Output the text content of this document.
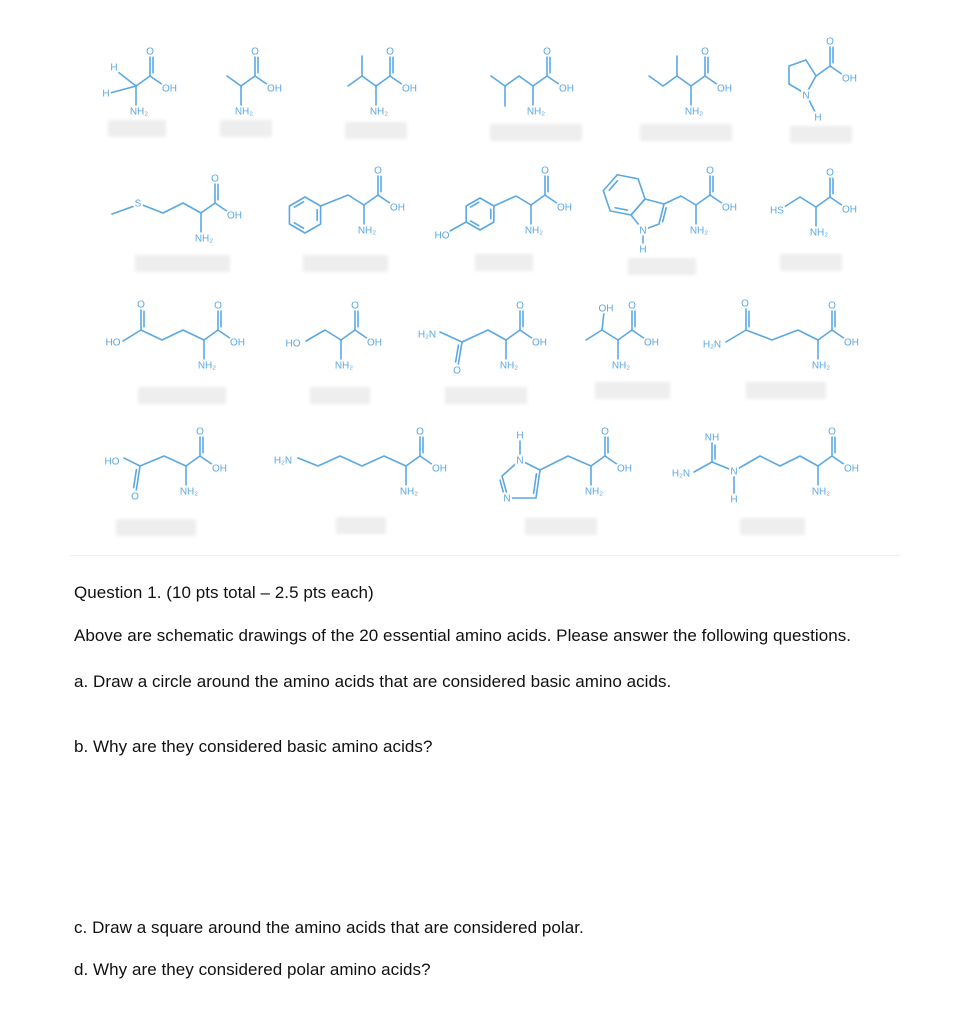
O
OH
NH₂
H
H
O
OH
NH₂
O
OH
NH₂
O
OH
NH₂
O
OH
NH₂
O
OH
N
H
O
OH
NH₂
S
O
OH
NH₂
O
OH
NH₂
HO
O
OH
NH₂
N
H
O
OH
NH₂
HS
O
OH
NH₂
O
HO
O
OH
NH₂
HO
O
OH
NH₂
O
H₂N
O
OH
NH₂
OH	O
OH
NH₂
O
H₂N
O
OH
NH₂
O
HO
O
OH
NH₂
H₂N
O
OH
NH₂
N
N
H	O
OH
NH₂
N
H
NH
H₂N
Question 1. (10 pts total – 2.5 pts each)
Above are schematic drawings of the 20 essential amino acids. Please answer the following questions.
a. Draw a circle around the amino acids that are considered basic amino acids.
b. Why are they considered basic amino acids?
c. Draw a square around the amino acids that are considered polar.
d. Why are they considered polar amino acids?
